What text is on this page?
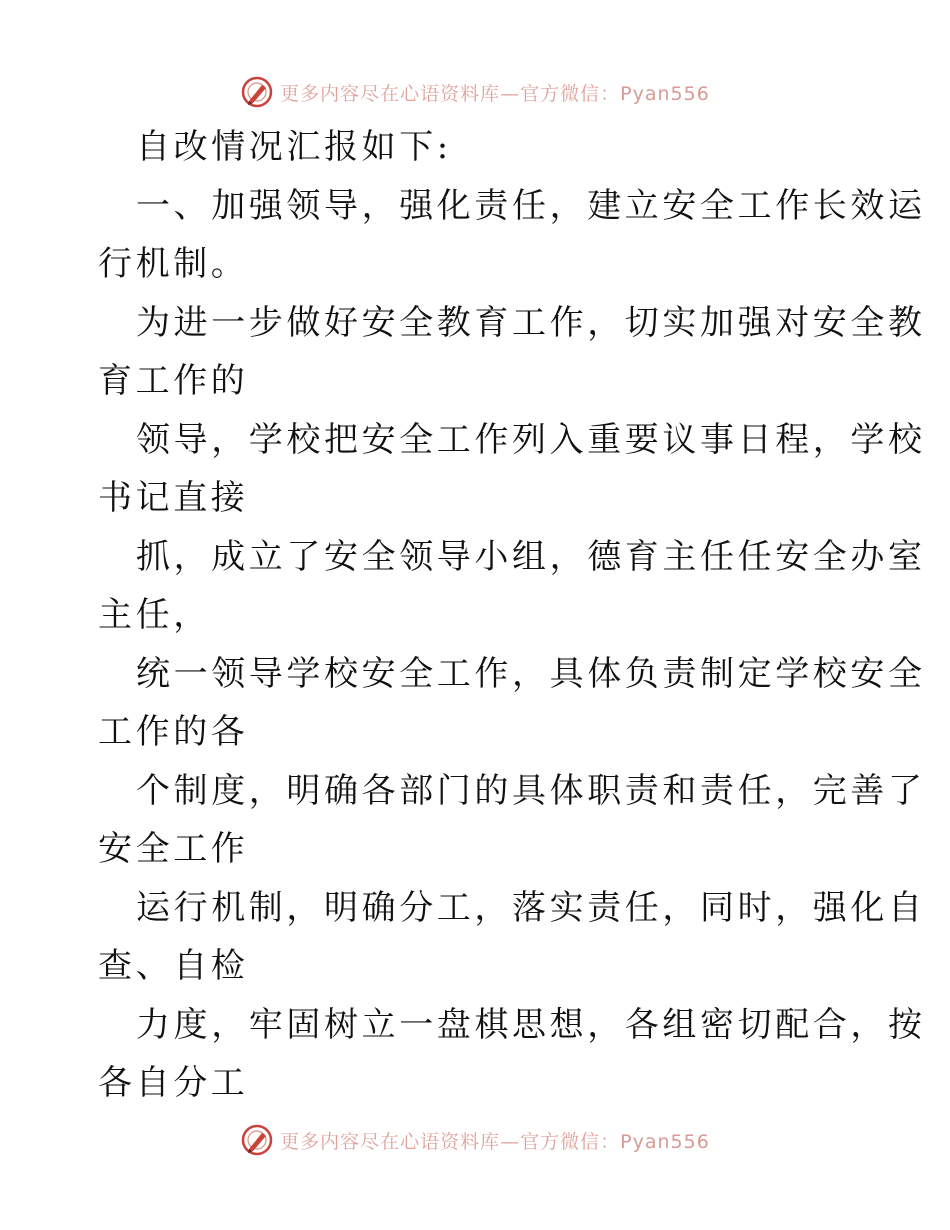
更多内容尽在心语资料库—官方微信：Pyan556
自改情况汇报如下:
一、加强领导，强化责任，建立安全工作长效运
行机制。
为进一步做好安全教育工作，切实加强对安全教
育工作的
领导，学校把安全工作列入重要议事日程，学校
书记直接
抓，成立了安全领导小组，德育主任任安全办室
主任，
统一领导学校安全工作，具体负责制定学校安全
工作的各
个制度，明确各部门的具体职责和责任，完善了
安全工作
运行机制，明确分工，落实责任，同时，强化自
查、自检
力度，牢固树立一盘棋思想，各组密切配合，按
各自分工
更多内容尽在心语资料库—官方微信：Pyan556
